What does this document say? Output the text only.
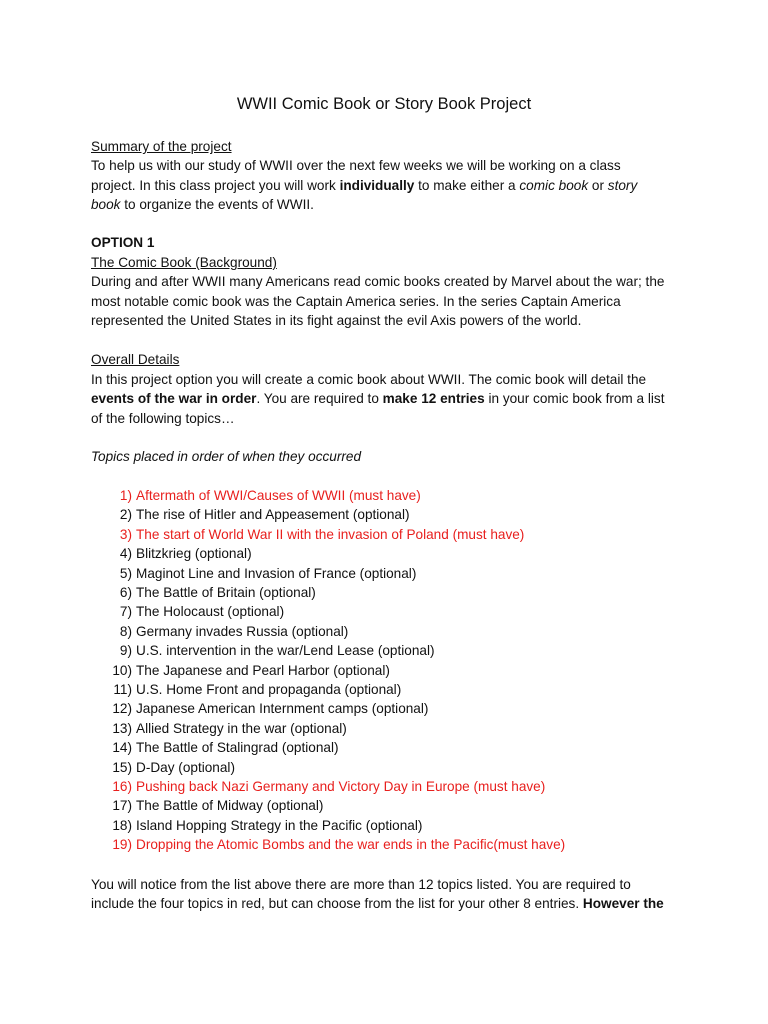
WWII Comic Book or Story Book Project
Summary of the project
To help us with our study of WWII over the next few weeks we will be working on a class
project. In this class project you will work individually to make either a comic book or story
book to organize the events of WWII.
OPTION 1
The Comic Book (Background)
During and after WWII many Americans read comic books created by Marvel about the war; the
most notable comic book was the Captain America series. In the series Captain America
represented the United States in its fight against the evil Axis powers of the world.
Overall Details
In this project option you will create a comic book about WWII. The comic book will detail the
events of the war in order. You are required to make 12 entries in your comic book from a list
of the following topics…
Topics placed in order of when they occurred
1) Aftermath of WWI/Causes of WWII (must have)
2) The rise of Hitler and Appeasement (optional)
3) The start of World War II with the invasion of Poland (must have)
4) Blitzkrieg (optional)
5) Maginot Line and Invasion of France (optional)
6) The Battle of Britain (optional)
7) The Holocaust (optional)
8) Germany invades Russia (optional)
9) U.S. intervention in the war/Lend Lease (optional)
10) The Japanese and Pearl Harbor (optional)
11) U.S. Home Front and propaganda (optional)
12) Japanese American Internment camps (optional)
13) Allied Strategy in the war (optional)
14) The Battle of Stalingrad (optional)
15) D-Day (optional)
16) Pushing back Nazi Germany and Victory Day in Europe (must have)
17) The Battle of Midway (optional)
18) Island Hopping Strategy in the Pacific (optional)
19) Dropping the Atomic Bombs and the war ends in the Pacific(must have)
You will notice from the list above there are more than 12 topics listed. You are required to
include the four topics in red, but can choose from the list for your other 8 entries. However the
